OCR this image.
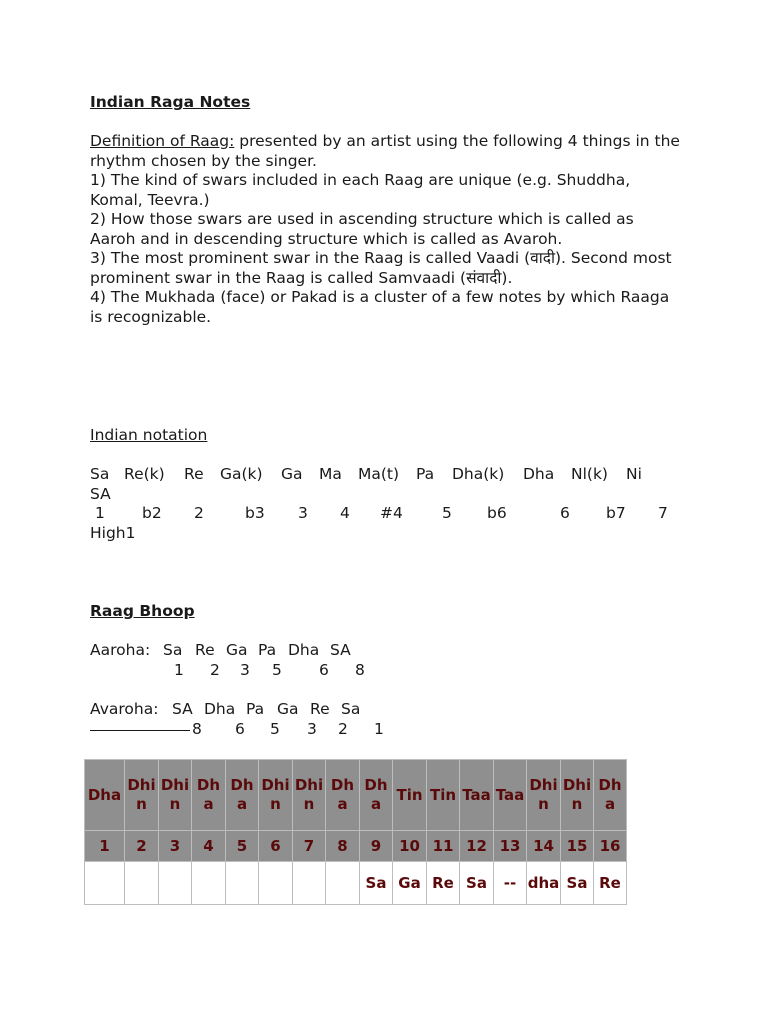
Indian Raga Notes

Definition of Raag: presented by an artist using the following 4 things in the rhythm chosen by the singer.

1) The kind of swars included in each Raag are unique (e.g. Shuddha, Komal, Teevra.)

2) How those swars are used in ascending structure which is called as Aaroh and in descending structure which is called as Avaroh.

3) The most prominent swar in the Raag is called Vaadi (वादी). Second most prominent swar in the Raag is called Samvaadi (संवादी).

4) The Mukhada (face) or Pakad is a cluster of a few notes by which Raaga is recognizable.

Indian notation
Sa Re(k) Re Ga(k) Ga Ma Ma(t) Pa Dha(k) Dha Nl(k) Ni
SA
1 b2 2	b3 3 4 #4	5 b6	6 b7 7
High1
Raag Bhoop
Aaroha: Sa Re Ga Pa Dha SA
1 2 3 5 6 8
Avaroha: SA Dha Pa Ga Re Sa
8 6 5 3 2 1
Dha	Dhin	Dhin	Dha	Dha	Dhin	Dhin	Dha	Dha	Tin	Tin	Taa	Taa	Dhin	Dhin	Dha
1	2	3	4	5	6	7	8	9	10	11	12	13	14	15	16
								Sa	Ga	Re	Sa	--	dha	Sa	Re
